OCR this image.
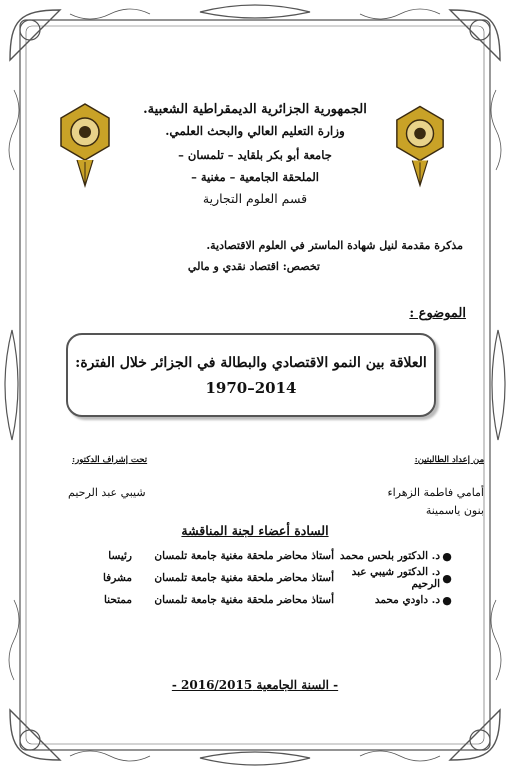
الجمهورية الجزائرية الديمقراطية الشعبية.
وزارة التعليم العالي والبحث العلمي.
جامعة أبو بكر بلقايد – تلمسان –
الملحقة الجامعية – مغنية –
قسم العلوم التجارية
مذكرة مقدمة لنيل شهادة الماستر في العلوم الاقتصادية.
تخصص: اقتصاد نقدي و مالي
الموضوع :
العلاقة بين النمو الاقتصادي والبطالة في الجزائر خلال الفترة:
2014–1970
من إعداد الطالبتين:
أمامي فاطمة الزهراء
بنون ياسمينة
تحت إشراف الدكتور:
شيبي عبد الرحيم
السادة أعضاء لجنة المناقشة
●
د. الدكتور بلحس محمد
أستاذ محاضر ملحقة مغنية جامعة تلمسان
رئيسا
●
د. الدكتور شيبي عبد الرحيم
أستاذ محاضر ملحقة مغنية جامعة تلمسان
مشرفا
●
د. داودي محمد
أستاذ محاضر ملحقة مغنية جامعة تلمسان
ممتحنا
- السنة الجامعية 2016/2015 -
